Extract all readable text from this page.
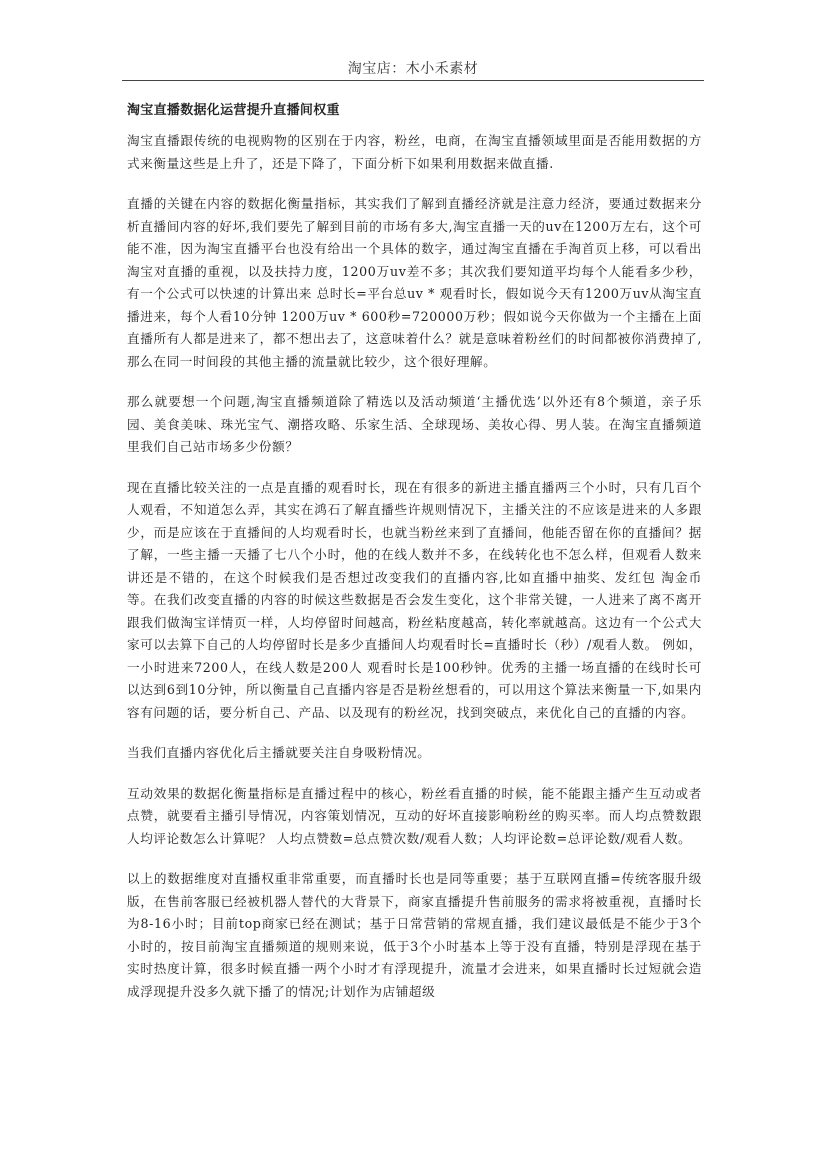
淘宝店：木小禾素材
淘宝直播数据化运营提升直播间权重

淘宝直播跟传统的电视购物的区别在于内容，粉丝，电商，在淘宝直播领域里面是否能用数据的方式来衡量这些是上升了，还是下降了，下面分析下如果利用数据来做直播.

直播的关键在内容的数据化衡量指标，其实我们了解到直播经济就是注意力经济，要通过数据来分析直播间内容的好坏,我们要先了解到目前的市场有多大,淘宝直播一天的uv在1200万左右，这个可能不准，因为淘宝直播平台也没有给出一个具体的数字，通过淘宝直播在手淘首页上移，可以看出淘宝对直播的重视，以及扶持力度，1200万uv差不多；其次我们要知道平均每个人能看多少秒，有一个公式可以快速的计算出来 总时长=平台总uv * 观看时长，假如说今天有1200万uv从淘宝直播进来，每个人看10分钟 1200万uv * 600秒=720000万秒；假如说今天你做为一个主播在上面直播所有人都是进来了，都不想出去了，这意味着什么？就是意味着粉丝们的时间都被你消费掉了,那么在同一时间段的其他主播的流量就比较少，这个很好理解。

那么就要想一个问题,淘宝直播频道除了精选以及活动频道‘主播优选’以外还有8个频道，亲子乐园、美食美味、珠光宝气、潮搭攻略、乐家生活、全球现场、美妆心得、男人装。在淘宝直播频道里我们自己站市场多少份额？

现在直播比较关注的一点是直播的观看时长，现在有很多的新进主播直播两三个小时，只有几百个人观看，不知道怎么弄，其实在鸿石了解直播些许规则情况下，主播关注的不应该是进来的人多跟少，而是应该在于直播间的人均观看时长，也就当粉丝来到了直播间，他能否留在你的直播间？据了解，一些主播一天播了七八个小时，他的在线人数并不多，在线转化也不怎么样，但观看人数来讲还是不错的，在这个时候我们是否想过改变我们的直播内容,比如直播中抽奖、发红包 淘金币等。在我们改变直播的内容的时候这些数据是否会发生变化，这个非常关键，一人进来了离不离开跟我们做淘宝详情页一样，人均停留时间越高，粉丝粘度越高，转化率就越高。这边有一个公式大家可以去算下自己的人均停留时长是多少直播间人均观看时长=直播时长（秒）/观看人数。 例如，一小时进来7200人，在线人数是200人 观看时长是100秒钟。优秀的主播一场直播的在线时长可以达到6到10分钟，所以衡量自己直播内容是否是粉丝想看的，可以用这个算法来衡量一下,如果内容有问题的话，要分析自己、产品、以及现有的粉丝况，找到突破点，来优化自己的直播的内容。

当我们直播内容优化后主播就要关注自身吸粉情况。

互动效果的数据化衡量指标是直播过程中的核心，粉丝看直播的时候，能不能跟主播产生互动或者点赞，就要看主播引导情况，内容策划情况，互动的好坏直接影响粉丝的购买率。而人均点赞数跟人均评论数怎么计算呢？ 人均点赞数=总点赞次数/观看人数；人均评论数=总评论数/观看人数。

以上的数据维度对直播权重非常重要，而直播时长也是同等重要；基于互联网直播=传统客服升级版，在售前客服已经被机器人替代的大背景下，商家直播提升售前服务的需求将被重视，直播时长为8-16小时；目前top商家已经在测试；基于日常营销的常规直播，我们建议最低是不能少于3个小时的，按目前淘宝直播频道的规则来说，低于3个小时基本上等于没有直播，特别是浮现在基于实时热度计算，很多时候直播一两个小时才有浮现提升，流量才会进来，如果直播时长过短就会造成浮现提升没多久就下播了的情况;计划作为店铺超级
